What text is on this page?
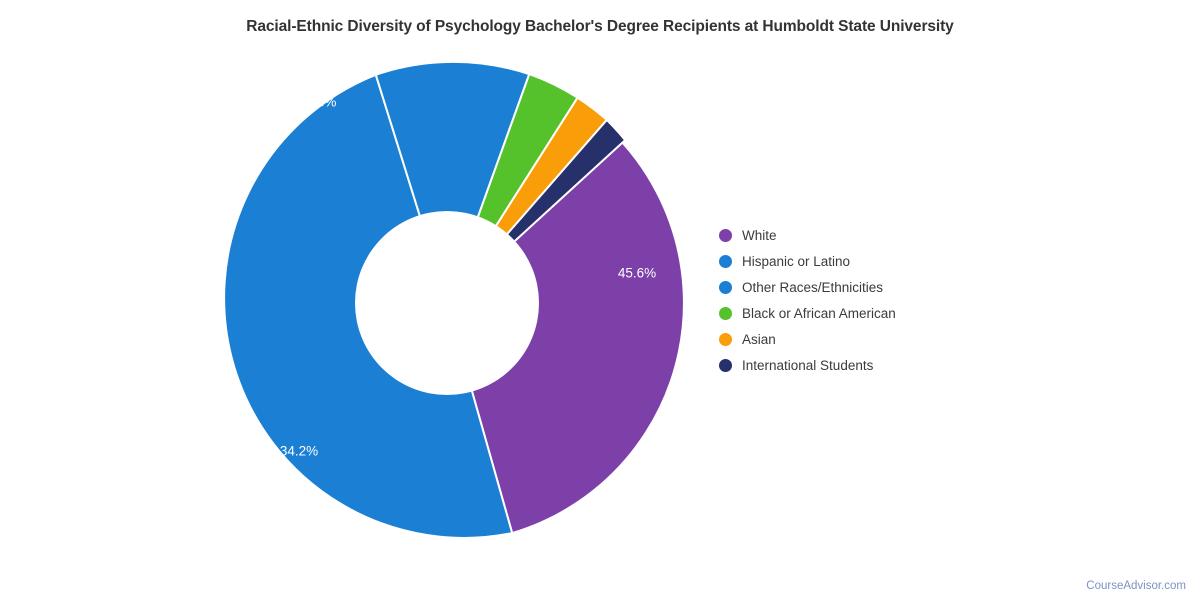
Racial-Ethnic Diversity of Psychology Bachelor's Degree Recipients at Humboldt State University
45.6%
34.2%
12%
3.8%
White
Hispanic or Latino
Other Races/Ethnicities
Black or African American
Asian
International Students
CourseAdvisor.com
